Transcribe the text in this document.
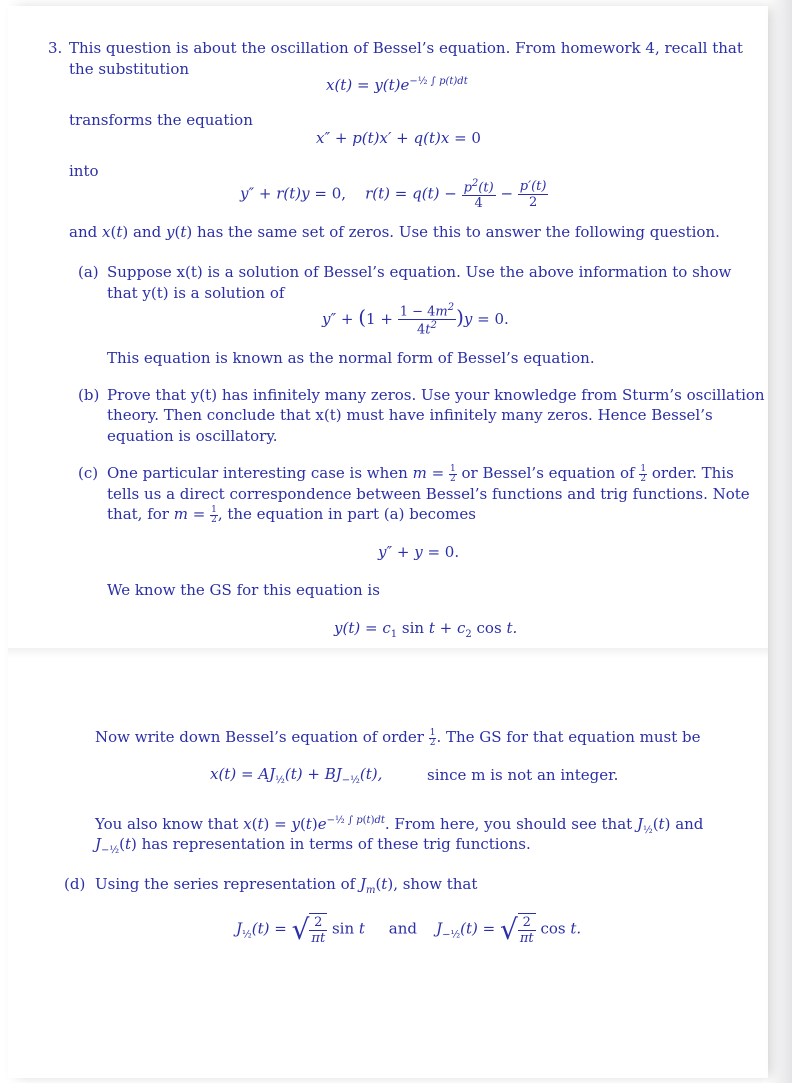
3. This question is about the oscillation of Bessel’s equation. From homework 4, recall that
the substitution
$x(t) = y(t)e^{-\frac{1}{2} \int p(t)dt}$
transforms the equation
x″ + p(t)x′ + q(t)x = 0
into
y″ + r(t)y = 0,    $r(t) = q(t) - \frac{p^2(t)}{4} - \frac{p'(t)}{2}$
and x(t) and y(t) has the same set of zeros. Use this to answer the following question.
(a) Suppose x(t) is a solution of Bessel’s equation. Use the above information to show
that y(t) is a solution of
$y'' + (1 + \frac{1 - 4m^2}{4t^2} )y = 0$.
This equation is known as the normal form of Bessel’s equation.
(b) Prove that y(t) has infinitely many zeros. Use your knowledge from Sturm’s oscillation
theory. Then conclude that x(t) must have infinitely many zeros. Hence Bessel’s
equation is oscillatory.
(c) One particular interesting case is when $m = \frac{1}{2}$ or Bessel’s equation of $\frac{1}{2}$ order. This
tells us a direct correspondence between Bessel’s functions and trig functions. Note
that, for $m = \frac{1}{2}$ , the equation in part (a) becomes
y″ + y = 0.
We know the GS for this equation is
$y(t) = c_1$ $\sin t + c_2$ cos t.
Now write down Bessel’s equation of order $\frac{1}{2}$ . The GS for that equation must be
$x(t) = AJ_{\frac{1}{2}}(t) + BJ_{-\frac{1}{2}}(t)$,	since m is not an integer.
You also know that $x(t) = y(t)e^{-\frac{1}{2} \int p(t)dt}$. From here, you should see that $J_{\frac{1}{2}}(t)$ and
$J_{-\frac{1}{2}}(t)$ has representation in terms of these trig functions.
(d) Using the series representation of $J_m(t)$, show that
$J_{\frac{1}{2}}(t)$ = √ $\frac{2}{\pi t}$ sin t     and    $J_{-\frac{1}{2}}(t)$ = √ $\frac{2}{\pi t}$ cos t.
